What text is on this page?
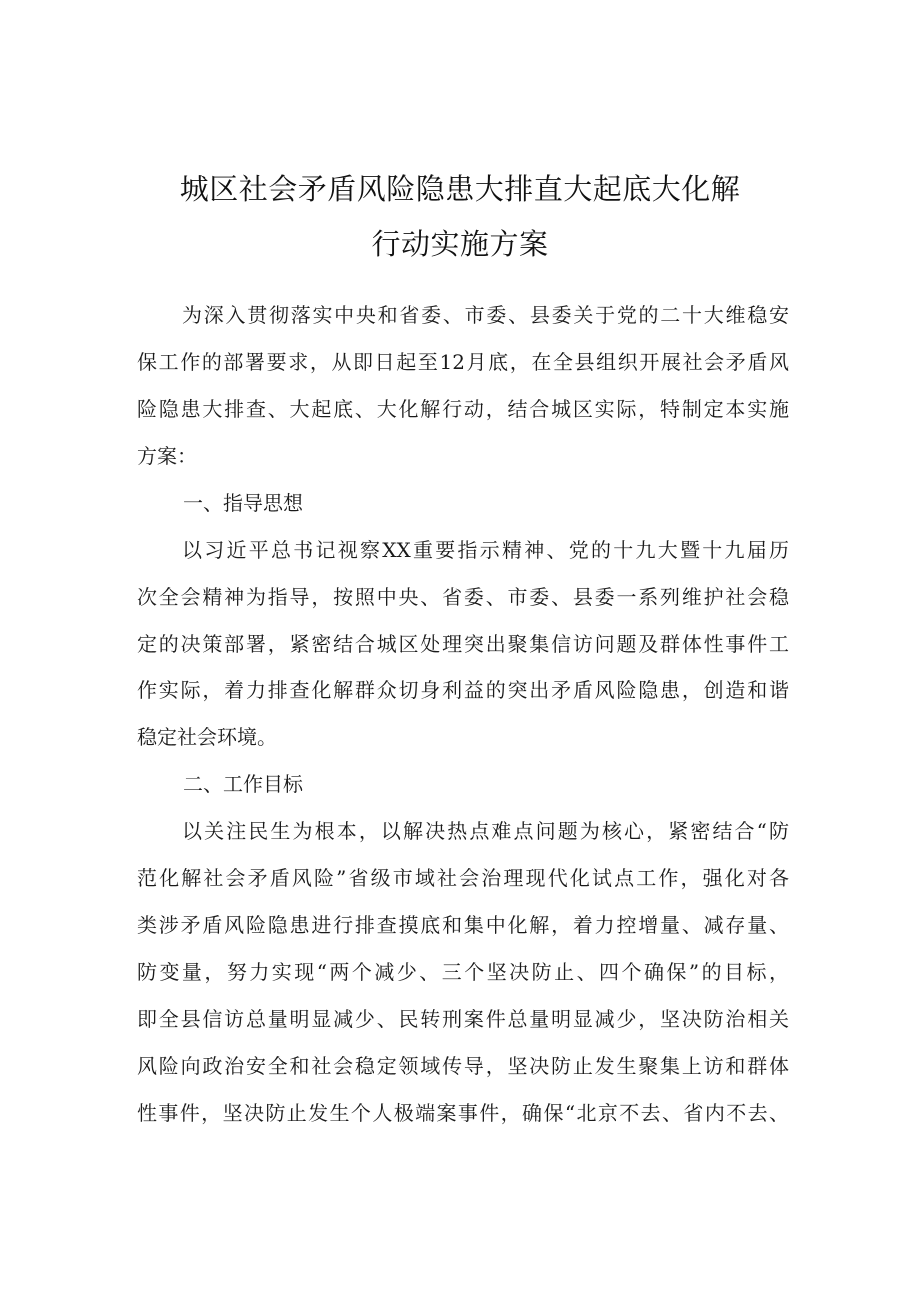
城区社会矛盾风险隐患大排直大起底大化解
行动实施方案
为深入贯彻落实中央和省委、市委、县委关于党的二十大维稳安
保工作的部署要求，从即日起至12月底，在全县组织开展社会矛盾风
险隐患大排查、大起底、大化解行动，结合城区实际，特制定本实施
方案：
一、指导思想
以习近平总书记视察XX重要指示精神、党的十九大暨十九届历
次全会精神为指导，按照中央、省委、市委、县委一系列维护社会稳
定的决策部署，紧密结合城区处理突出聚集信访问题及群体性事件工
作实际，着力排查化解群众切身利益的突出矛盾风险隐患，创造和谐
稳定社会环境。
二、工作目标
以关注民生为根本，以解决热点难点问题为核心，紧密结合“防
范化解社会矛盾风险”省级市域社会治理现代化试点工作，强化对各
类涉矛盾风险隐患进行排查摸底和集中化解，着力控增量、减存量、
防变量，努力实现“两个减少、三个坚决防止、四个确保”的目标，
即全县信访总量明显减少、民转刑案件总量明显减少，坚决防治相关
风险向政治安全和社会稳定领域传导，坚决防止发生聚集上访和群体
性事件，坚决防止发生个人极端案事件，确保“北京不去、省内不去、
